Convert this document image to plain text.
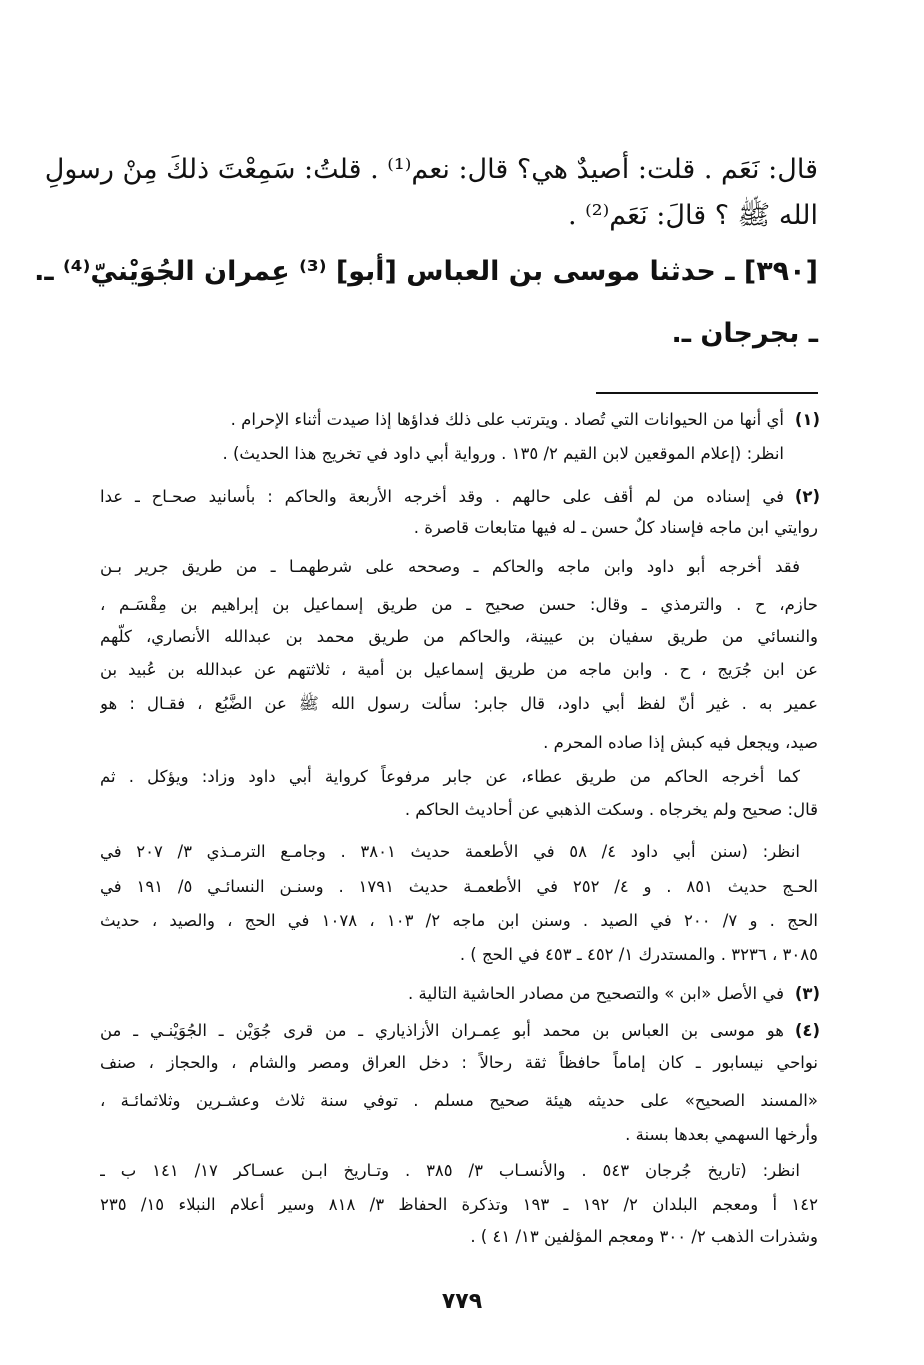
قال: نَعَم . قلت: أصيدٌ هي؟ قال: نعم⁽¹⁾ . قلتُ: سَمِعْتَ ذلكَ مِنْ رسولِ
الله ﷺ ؟ قالَ: نَعَم⁽²⁾ .
[٣٩٠] ـ حدثنا موسى بن العباس [أبو] ⁽³⁾ عِمران الجُوَيْنيّ⁽⁴⁾ ـ.
ـ بجرجان ـ.
(١)
أي أنها من الحيوانات التي تُصاد . ويترتب على ذلك فداؤها إذا صيدت أثناء الإحرام .
انظر: (إعلام الموقعين لابن القيم ٢/ ١٣٥ . ورواية أبي داود في تخريج هذا الحديث) .
(٢)
في إسناده من لم أقف على حالهم . وقد أخرجه الأربعة والحاكم : بأسانيد صحـاح ـ عدا
روايتي ابن ماجه فإسناد كلٌ حسن ـ له فيها متابعات قاصرة .
فقد أخرجه أبو داود وابن ماجه والحاكم ـ وصححه على شرطهمـا ـ من طريق جرير بـن
حازم، ح . والترمذي ـ وقال: حسن صحيح ـ من طريق إسماعيل بن إبراهيم بن مِقْسَـم ،
والنسائي من طريق سفيان بن عيينة، والحاكم من طريق محمد بن عبدالله الأنصاري، كلّهم
عن ابن جُرَيج ، ح . وابن ماجه من طريق إسماعيل بن أمية ، ثلاثتهم عن عبدالله بن عُبيد بن
عمير به . غير أنّ لفظ أبي داود، قال جابر: سألت رسول الله ﷺ عن الضَّبُع ، فقـال : هو
صيد، ويجعل فيه كبش إذا صاده المحرم .
كما أخرجه الحاكم من طريق عطاء، عن جابر مرفوعاً كرواية أبي داود وزاد: ويؤكل . ثم
قال: صحيح ولم يخرجاه . وسكت الذهبي عن أحاديث الحاكم .
انظر: (سنن أبي داود ٤/ ٥٨ في الأطعمة حديث ٣٨٠١ . وجامـع الترمـذي ٣/ ٢٠٧ في
الحـج حديث ٨٥١ . و ٤/ ٢٥٢ في الأطعمـة حديث ١٧٩١ . وسنـن النسائـي ٥/ ١٩١ في
الحج . و ٧/ ٢٠٠ في الصيد . وسنن ابن ماجه ٢/ ١٠٣ ، ١٠٧٨ في الحج ، والصيد ، حديث
٣٠٨٥ ، ٣٢٣٦ . والمستدرك ١/ ٤٥٢ ـ ٤٥٣ في الحج ) .
(٣)
في الأصل «ابن » والتصحيح من مصادر الحاشية التالية .
(٤)
هو موسى بن العباس بن محمد أبو عِمـران الأزاذياري ـ من قرى جُوَيْن ـ الجُوَيْنـي ـ من
نواحي نيسابور ـ كان إماماً حافظاً ثقة رحالاً : دخل العراق ومصر والشام ، والحجاز ، صنف
«المسند الصحيح» على حديثه هيئة صحيح مسلم . توفي سنة ثلاث وعشـرين وثلاثمائـة ،
وأرخها السهمي بعدها بسنة .
انظر: (تاريخ جُرجان ٥٤٣ . والأنسـاب ٣/ ٣٨٥ . وتـاريخ ابـن عسـاكر ١٧/ ١٤١ ب ـ
١٤٢ أ ومعجم البلدان ٢/ ١٩٢ ـ ١٩٣ وتذكرة الحفاظ ٣/ ٨١٨ وسير أعلام النبلاء ١٥/ ٢٣٥
وشذرات الذهب ٢/ ٣٠٠ ومعجم المؤلفين ١٣/ ٤١ ) .
٧٧٩
